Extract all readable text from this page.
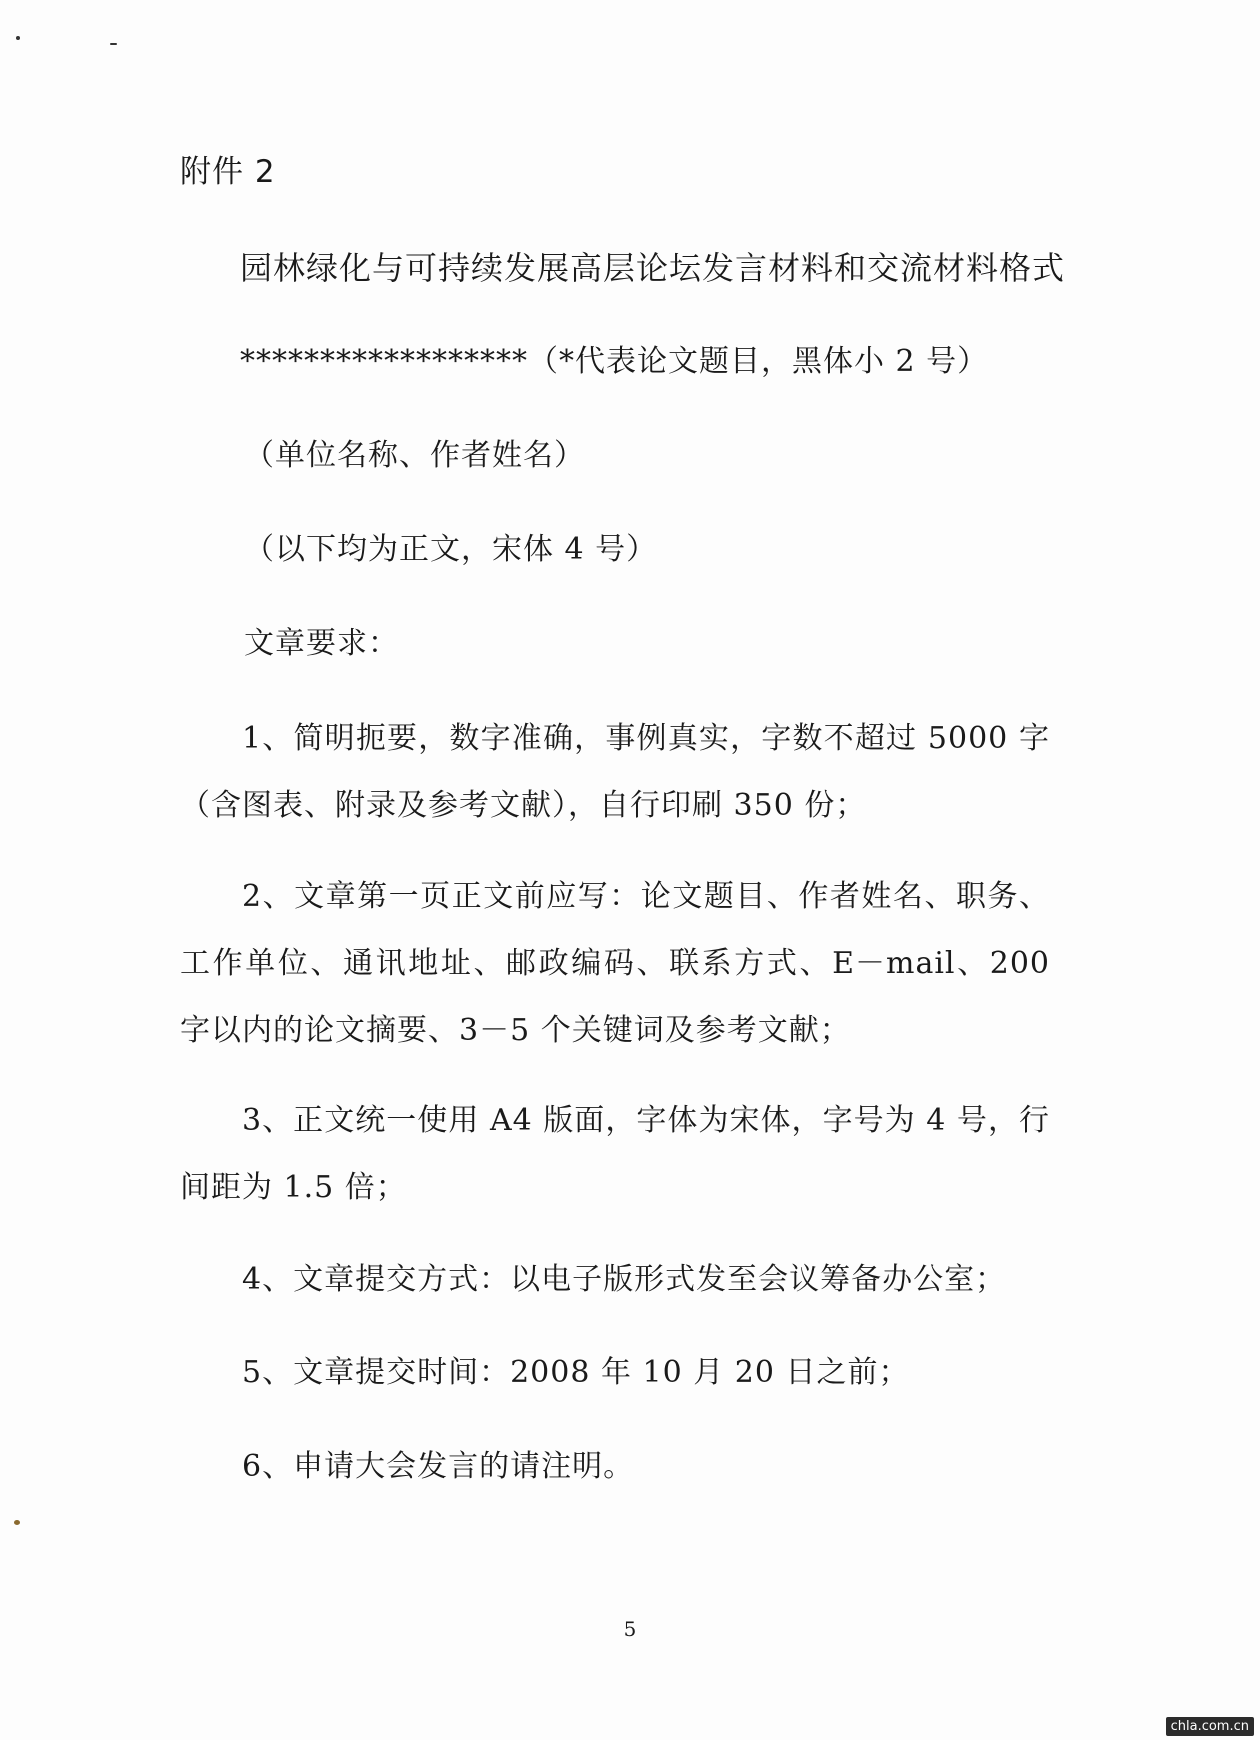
附件 2
园林绿化与可持续发展高层论坛发言材料和交流材料格式
******************（*代表论文题目，黑体小 2 号）
（单位名称、作者姓名）
（以下均为正文，宋体 4 号）
文章要求：
1、简明扼要，数字准确，事例真实，字数不超过 5000 字（含图表、附录及参考文献），自行印刷 350 份；
2、文章第一页正文前应写：论文题目、作者姓名、职务、工作单位、通讯地址、邮政编码、联系方式、E－mail、200 字以内的论文摘要、3－5 个关键词及参考文献；
3、正文统一使用 A4 版面，字体为宋体，字号为 4 号，行间距为 1.5 倍；
4、文章提交方式：以电子版形式发至会议筹备办公室；
5、文章提交时间：2008 年 10 月 20 日之前；
6、申请大会发言的请注明。
5
chla.com.cn
